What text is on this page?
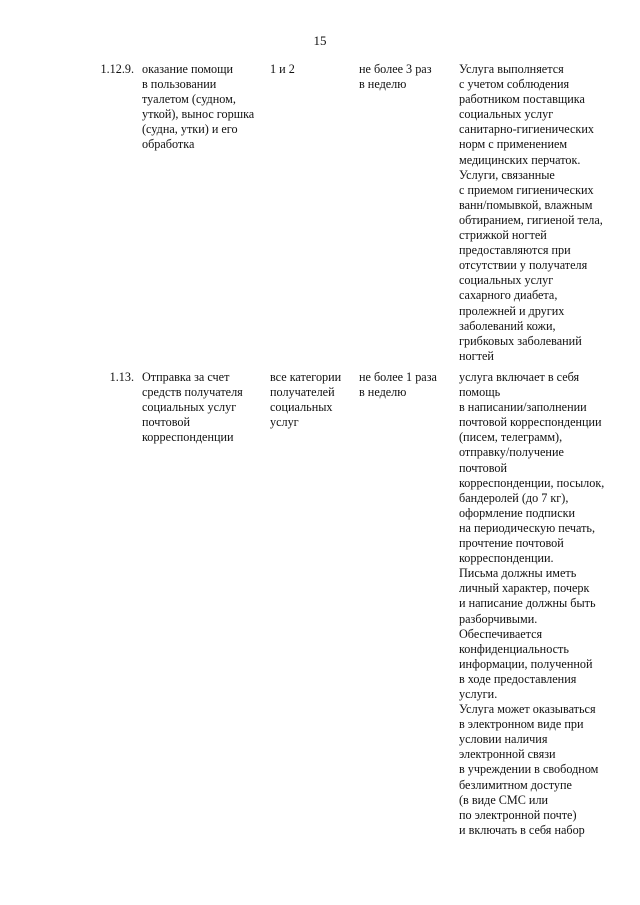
15
1.12.9. оказание помощи
в пользовании
туалетом (судном,
уткой), вынос горшка
(судна, утки) и его
обработка
1 и 2	не более 3 раз
в неделю
Услуга выполняется
с учетом соблюдения
работником поставщика
социальных услуг
санитарно-гигиенических
норм с применением
медицинских перчаток.
Услуги, связанные
с приемом гигиенических
ванн/помывкой, влажным
обтиранием, гигиеной тела,
стрижкой ногтей
предоставляются при
отсутствии у получателя
социальных услуг
сахарного диабета,
пролежней и других
заболеваний кожи,
грибковых заболеваний
ногтей
1.13. Отправка за счет
средств получателя
социальных услуг
почтовой
корреспонденции
все категории
получателей
социальных
услуг
не более 1 раза
в неделю
услуга включает в себя
помощь
в написании/заполнении
почтовой корреспонденции
(писем, телеграмм),
отправку/получение
почтовой
корреспонденции, посылок,
бандеролей (до 7 кг),
оформление подписки
на периодическую печать,
прочтение почтовой
корреспонденции.
Письма должны иметь
личный характер, почерк
и написание должны быть
разборчивыми.
Обеспечивается
конфиденциальность
информации, полученной
в ходе предоставления
услуги.
Услуга может оказываться
в электронном виде при
условии наличия
электронной связи
в учреждении в свободном
безлимитном доступе
(в виде СМС или
по электронной почте)
и включать в себя набор
